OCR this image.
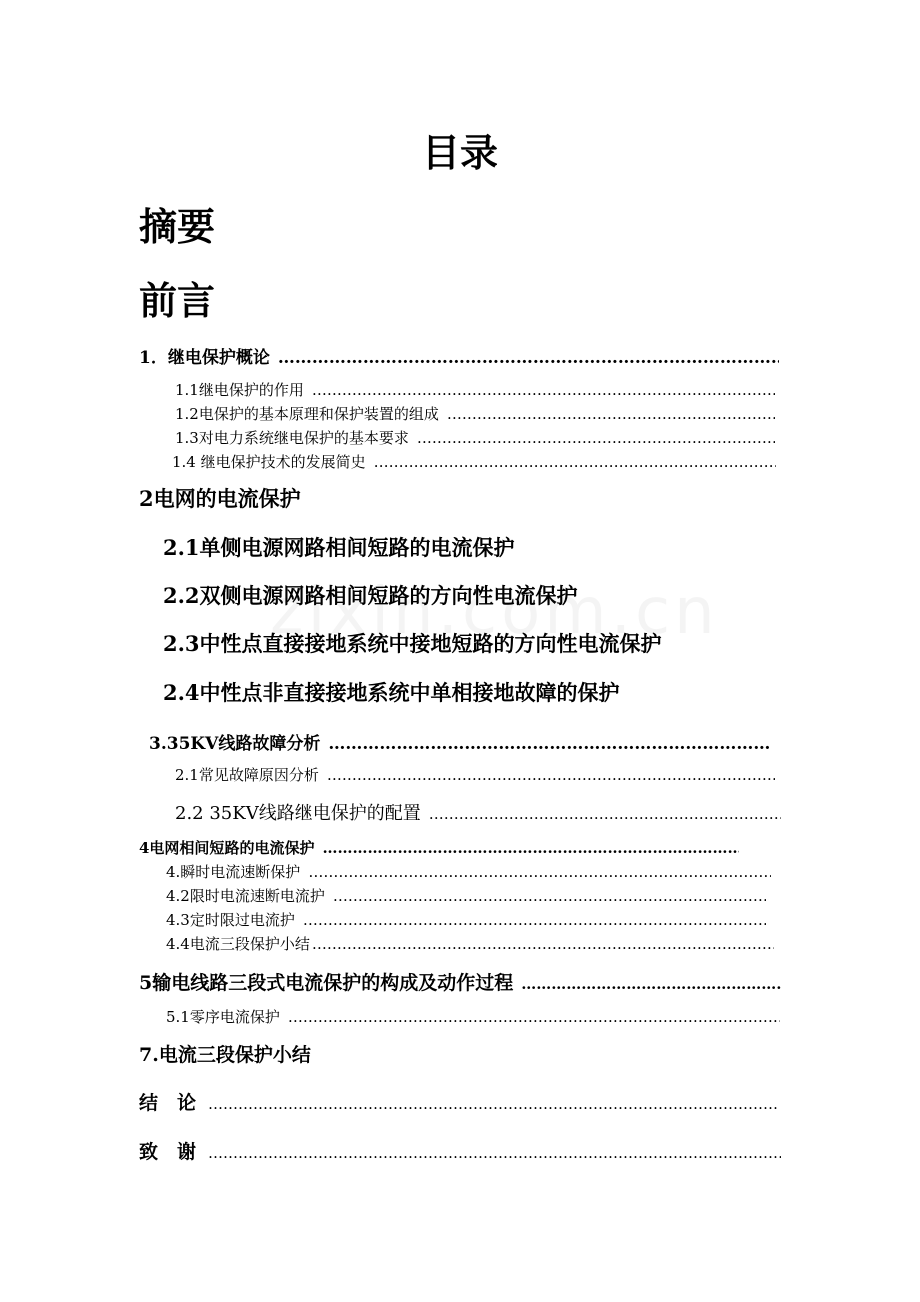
目录
摘要
前言
1．继电保护概论
……………………………………………………………………………………………………………………………………………………………………………………………………………………
1.1继电保护的作用
……………………………………………………………………………………………………………………………………………………………………………………………………………………
1.2电保护的基本原理和保护装置的组成
……………………………………………………………………………………………………………………………………………………………………………………………………………………
1.3对电力系统继电保护的基本要求
……………………………………………………………………………………………………………………………………………………………………………………………………………………
1.4 继电保护技术的发展简史
……………………………………………………………………………………………………………………………………………………………………………………………………………………
2电网的电流保护
2.1单侧电源网路相间短路的电流保护
2.2双侧电源网路相间短路的方向性电流保护
2.3中性点直接接地系统中接地短路的方向性电流保护
2.4中性点非直接接地系统中单相接地故障的保护
3.35KV线路故障分析
……………………………………………………………………………………………………………………………………………………………………………………………………………………
2.1常见故障原因分析
……………………………………………………………………………………………………………………………………………………………………………………………………………………
2.2 35KV线路继电保护的配置
……………………………………………………………………………………………………………………………………………………………………………………………………………………
4电网相间短路的电流保护
……………………………………………………………………………………………………………………………………………………………………………………………………………………
4.瞬时电流速断保护
……………………………………………………………………………………………………………………………………………………………………………………………………………………
4.2限时电流速断电流护
……………………………………………………………………………………………………………………………………………………………………………………………………………………
4.3定时限过电流护
……………………………………………………………………………………………………………………………………………………………………………………………………………………
4.4电流三段保护小结
……………………………………………………………………………………………………………………………………………………………………………………………………………………
5输电线路三段式电流保护的构成及动作过程
……………………………………………………………………………………………………………………………………………………………………………………………………………………
5.1零序电流保护
……………………………………………………………………………………………………………………………………………………………………………………………………………………
7.电流三段保护小结
结　论
……………………………………………………………………………………………………………………………………………………………………………………………………………………
致　谢
……………………………………………………………………………………………………………………………………………………………………………………………………………………
